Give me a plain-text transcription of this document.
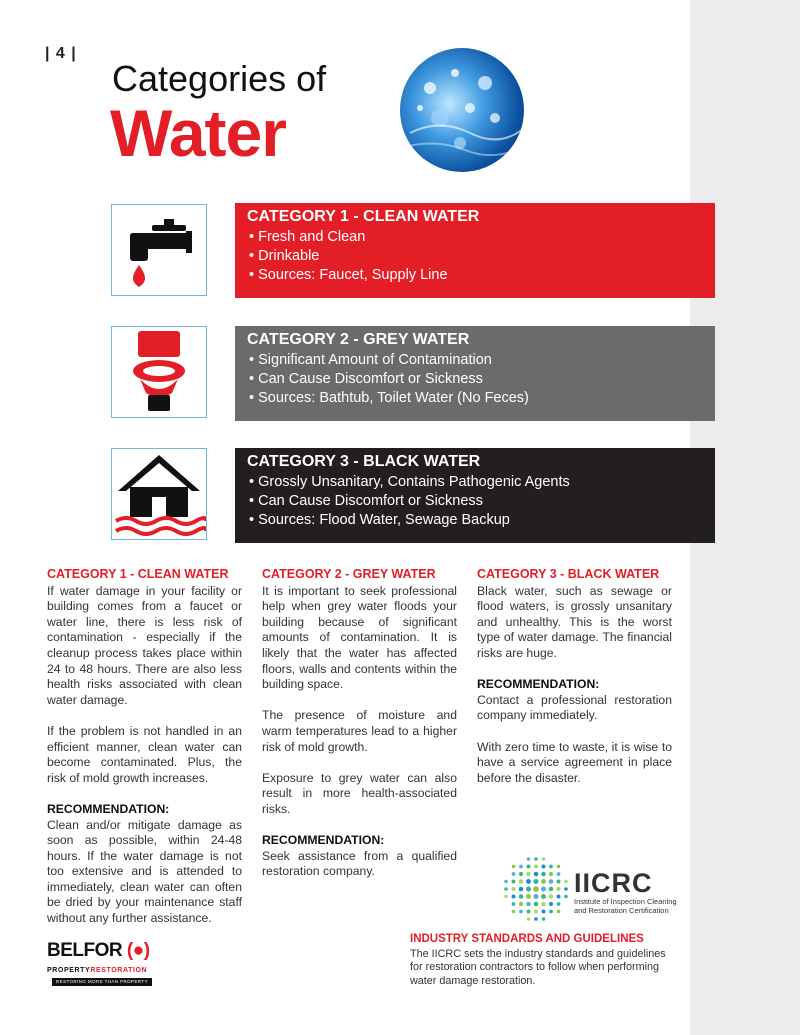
| 4 |
Categories of
Water
CATEGORY 1 - CLEAN WATER
• Fresh and Clean
• Drinkable
• Sources: Faucet, Supply Line
CATEGORY 2 - GREY WATER
• Significant Amount of Contamination
• Can Cause Discomfort or Sickness
• Sources: Bathtub, Toilet Water (No Feces)
CATEGORY 3 - BLACK WATER
• Grossly Unsanitary, Contains Pathogenic Agents
• Can Cause Discomfort or Sickness
• Sources: Flood Water, Sewage Backup
CATEGORY 1 - CLEAN WATER

If water damage in your facility or building comes from a faucet or water line, there is less risk of contamination - especially if the cleanup process takes place within 24 to 48 hours. There are also less health risks associated with clean water damage.

If the problem is not handled in an efficient manner, clean water can become contaminated. Plus, the risk of mold growth increases.

RECOMMENDATION:

Clean and/or mitigate damage as soon as possible, within 24-48 hours. If the water damage is not too extensive and is attended to immediately, clean water can often be dried by your maintenance staff without any further assistance.

CATEGORY 2 - GREY WATER

It is important to seek professional help when grey water floods your building because of significant amounts of contamination. It is likely that the water has affected floors, walls and contents within the building space.

The presence of moisture and warm temperatures lead to a higher risk of mold growth.

Exposure to grey water can also result in more health-associated risks.

RECOMMENDATION:

Seek assistance from a qualified restoration company.

CATEGORY 3 - BLACK WATER

Black water, such as sewage or flood waters, is grossly unsanitary and unhealthy. This is the worst type of water damage. The financial risks are huge.

RECOMMENDATION:

Contact a professional restoration company immediately.

With zero time to waste, it is wise to have a service agreement in place before the disaster.

IICRC
Institute of Inspection Cleaning
and Restoration Certification
INDUSTRY STANDARDS AND GUIDELINES

The IICRC sets the industry standards and guidelines for restoration contractors to follow when performing water damage restoration.

BELFOR (●)
PROPERTYRESTORATION
RESTORING MORE THAN PROPERTY
